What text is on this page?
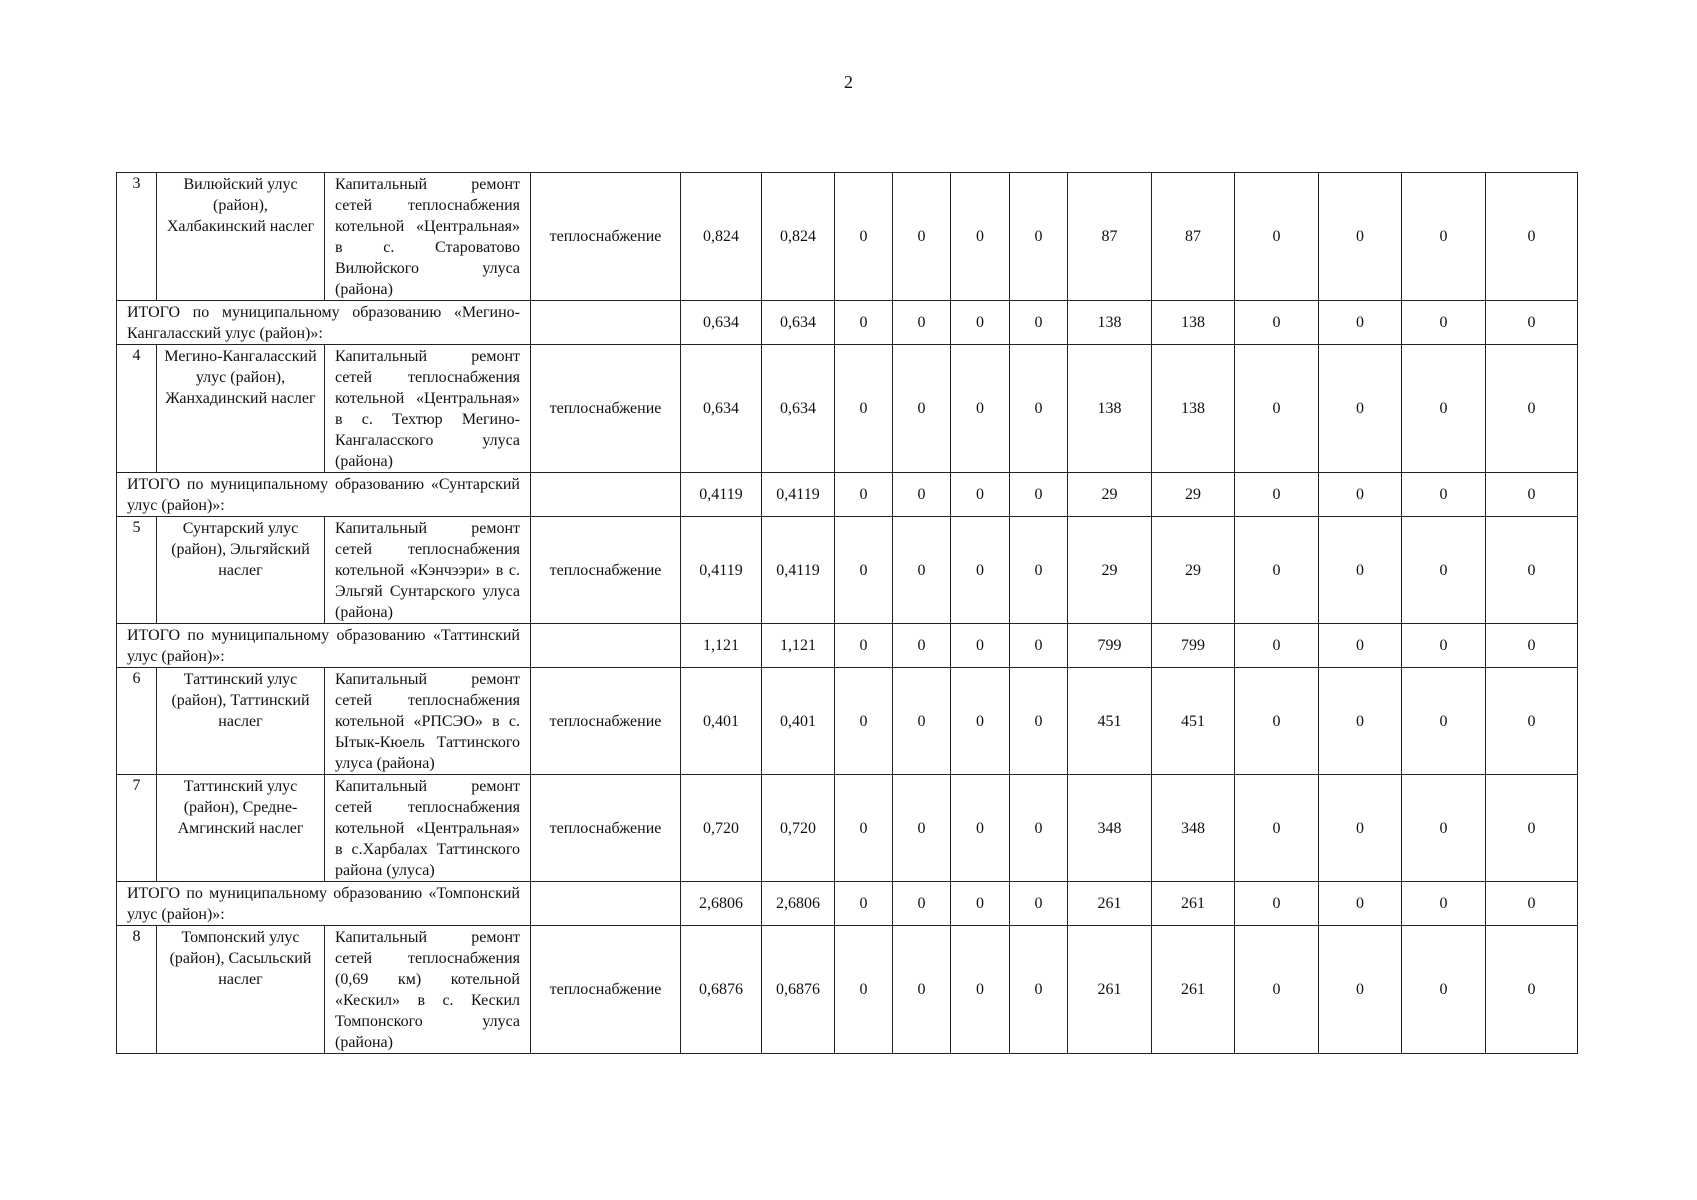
2
3	Вилюйский улус (район), Халбакинский наслег	Капитальный ремонт сетей теплоснабжения котельной «Центральная» в с. Староватово Вилюйского улуса (района)	теплоснабжение	0,824	0,824	0	0	0	0	87	87	0	0	0	0
ИТОГО по муниципальному образованию «Мегино-Кангаласский улус (район)»:				0,634	0,634	0	0	0	0	138	138	0	0	0	0
4	Мегино-Кангаласский улус (район), Жанхадинский наслег	Капитальный ремонт сетей теплоснабжения котельной «Центральная» в с. Техтюр Мегино-Кангаласского улуса (района)	теплоснабжение	0,634	0,634	0	0	0	0	138	138	0	0	0	0
ИТОГО по муниципальному образованию «Сунтарский улус (район)»:				0,4119	0,4119	0	0	0	0	29	29	0	0	0	0
5	Сунтарский улус (район), Эльгяйский наслег	Капитальный ремонт сетей теплоснабжения котельной «Кэнчээри» в с. Эльгяй Сунтарского улуса (района)	теплоснабжение	0,4119	0,4119	0	0	0	0	29	29	0	0	0	0
ИТОГО по муниципальному образованию «Таттинский улус (район)»:				1,121	1,121	0	0	0	0	799	799	0	0	0	0
6	Таттинский улус (район), Таттинский наслег	Капитальный ремонт сетей теплоснабжения котельной «РПСЭО» в с. Ытык-Кюель Таттинского улуса (района)	теплоснабжение	0,401	0,401	0	0	0	0	451	451	0	0	0	0
7	Таттинский улус (район), Средне-Амгинский наслег	Капитальный ремонт сетей теплоснабжения котельной «Центральная» в с.Харбалах Таттинского района (улуса)	теплоснабжение	0,720	0,720	0	0	0	0	348	348	0	0	0	0
ИТОГО по муниципальному образованию «Томпонский улус (район)»:				2,6806	2,6806	0	0	0	0	261	261	0	0	0	0
8	Томпонский улус (район), Сасыльский наслег	Капитальный ремонт сетей теплоснабжения (0,69 км) котельной «Кескил» в с. Кескил Томпонского улуса (района)	теплоснабжение	0,6876	0,6876	0	0	0	0	261	261	0	0	0	0
